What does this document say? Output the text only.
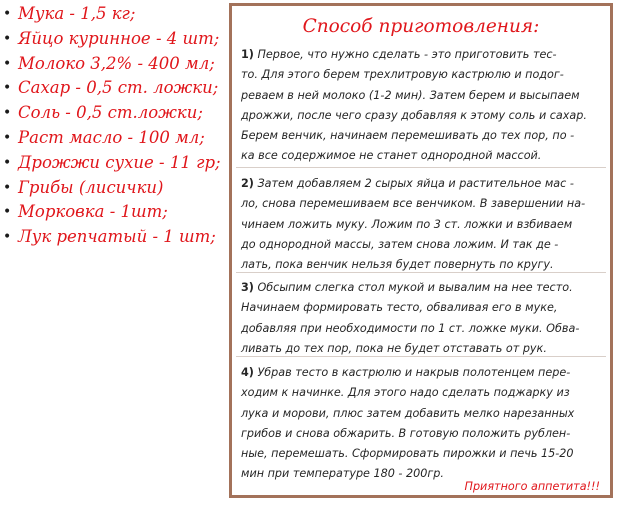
• Мука - 1,5 кг;
• Яйцо куринное - 4 шт;
• Молоко 3,2% - 400 мл;
• Сахар - 0,5 ст. ложки;
• Соль - 0,5 ст.ложки;
• Раст масло - 100 мл;
• Дрожжи сухие - 11 гр;
• Грибы (лисички)
• Морковка - 1шт;
• Лук репчатый - 1 шт;
Способ приготовления:
1) Первое, что нужно сделать - это приготовить тес-
то. Для этого берем трехлитровую кастрюлю и подог-
реваем в ней молоко (1-2 мин). Затем берем и высыпаем
дрожжи, после чего сразу добавляя к этому соль и сахар.
Берем венчик, начинаем перемешивать до тех пор, по -
ка все содержимое не станет однородной массой.
2) Затем добавляем 2 сырых яйца и растительное мас -
ло, снова перемешиваем все венчиком. В завершении на-
чинаем ложить муку. Ложим по 3 ст. ложки и взбиваем
до однородной массы, затем снова ложим. И так де -
лать, пока венчик нельзя будет повернуть по кругу.
3) Обсыпим слегка стол мукой и вывалим на нее тесто.
Начинаем формировать тесто, обваливая его в муке,
добавляя при необходимости по 1 ст. ложке муки. Обва-
ливать до тех пор, пока не будет отставать от рук.
4) Убрав тесто в кастрюлю и накрыв полотенцем пере-
ходим к начинке. Для этого надо сделать поджарку из
лука и морови, плюс затем добавить мелко нарезанных
грибов и снова обжарить. В готовую положить рублен-
ные, перемешать. Сформировать пирожки и печь 15-20
мин при температуре 180 - 200гр.
Приятного аппетита!!!
